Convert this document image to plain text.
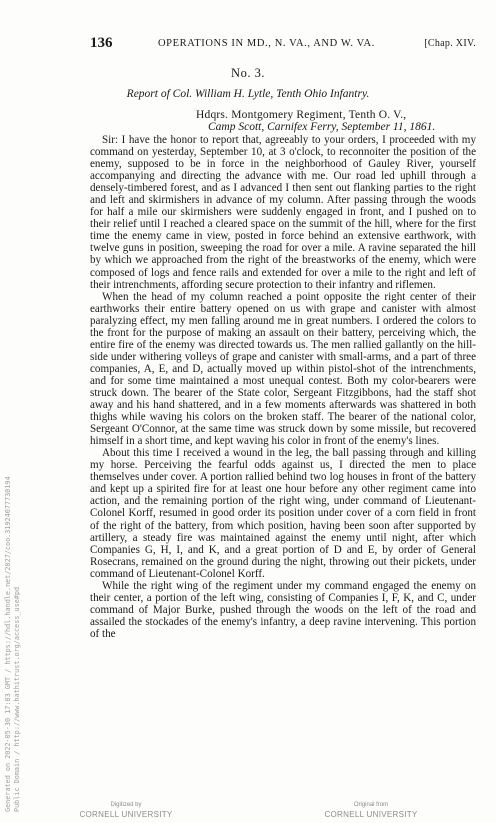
136	OPERATIONS IN MD., N. VA., AND W. VA.	[Chap. XIV.
No. 3.
Report of Col. William H. Lytle, Tenth Ohio Infantry.
Hdqrs. Montgomery Regiment, Tenth O. V.,
Camp Scott, Carnifex Ferry, September 11, 1861.

Sir: I have the honor to report that, agreeably to your orders, I proceeded with my command on yesterday, September 10, at 3 o'clock, to reconnoiter the position of the enemy, supposed to be in force in the neighborhood of Gauley River, yourself accompanying and directing the advance with me. Our road led uphill through a densely-timbered forest, and as I advanced I then sent out flanking parties to the right and left and skirmishers in advance of my column. After passing through the woods for half a mile our skirmishers were suddenly engaged in front, and I pushed on to their relief until I reached a cleared space on the summit of the hill, where for the first time the enemy came in view, posted in force behind an extensive earthwork, with twelve guns in position, sweeping the road for over a mile. A ravine separated the hill by which we approached from the right of the breastworks of the enemy, which were composed of logs and fence rails and extended for over a mile to the right and left of their intrenchments, affording secure protection to their infantry and riflemen.

When the head of my column reached a point opposite the right center of their earthworks their entire battery opened on us with grape and canister with almost paralyzing effect, my men falling around me in great numbers. I ordered the colors to the front for the purpose of making an assault on their battery, perceiving which, the entire fire of the enemy was directed towards us. The men rallied gallantly on the hill-side under withering volleys of grape and canister with small-arms, and a part of three companies, A, E, and D, actually moved up within pistol-shot of the intrenchments, and for some time maintained a most unequal contest. Both my color-bearers were struck down. The bearer of the State color, Sergeant Fitzgibbons, had the staff shot away and his hand shattered, and in a few moments afterwards was shattered in both thighs while waving his colors on the broken staff. The bearer of the national color, Sergeant O'Connor, at the same time was struck down by some missile, but recovered himself in a short time, and kept waving his color in front of the enemy's lines.

About this time I received a wound in the leg, the ball passing through and killing my horse. Perceiving the fearful odds against us, I directed the men to place themselves under cover. A portion rallied behind two log houses in front of the battery and kept up a spirited fire for at least one hour before any other regiment came into action, and the remaining portion of the right wing, under command of Lieutenant-Colonel Korff, resumed in good order its position under cover of a corn field in front of the right of the battery, from which position, having been soon after supported by artillery, a steady fire was maintained against the enemy until night, after which Companies G, H, I, and K, and a great portion of D and E, by order of General Rosecrans, remained on the ground during the night, throwing out their pickets, under command of Lieutenant-Colonel Korff.

While the right wing of the regiment under my command engaged the enemy on their center, a portion of the left wing, consisting of Companies I, F, K, and C, under command of Major Burke, pushed through the woods on the left of the road and assailed the stockades of the enemy's infantry, a deep ravine intervening. This portion of the

Digitized by
CORNELL UNIVERSITY
Original from
CORNELL UNIVERSITY
Generated on 2022-05-30 17:03 GMT / https://hdl.handle.net/2027/coo.31924077730194 Public Domain / http://www.hathitrust.org/access_use#pd
